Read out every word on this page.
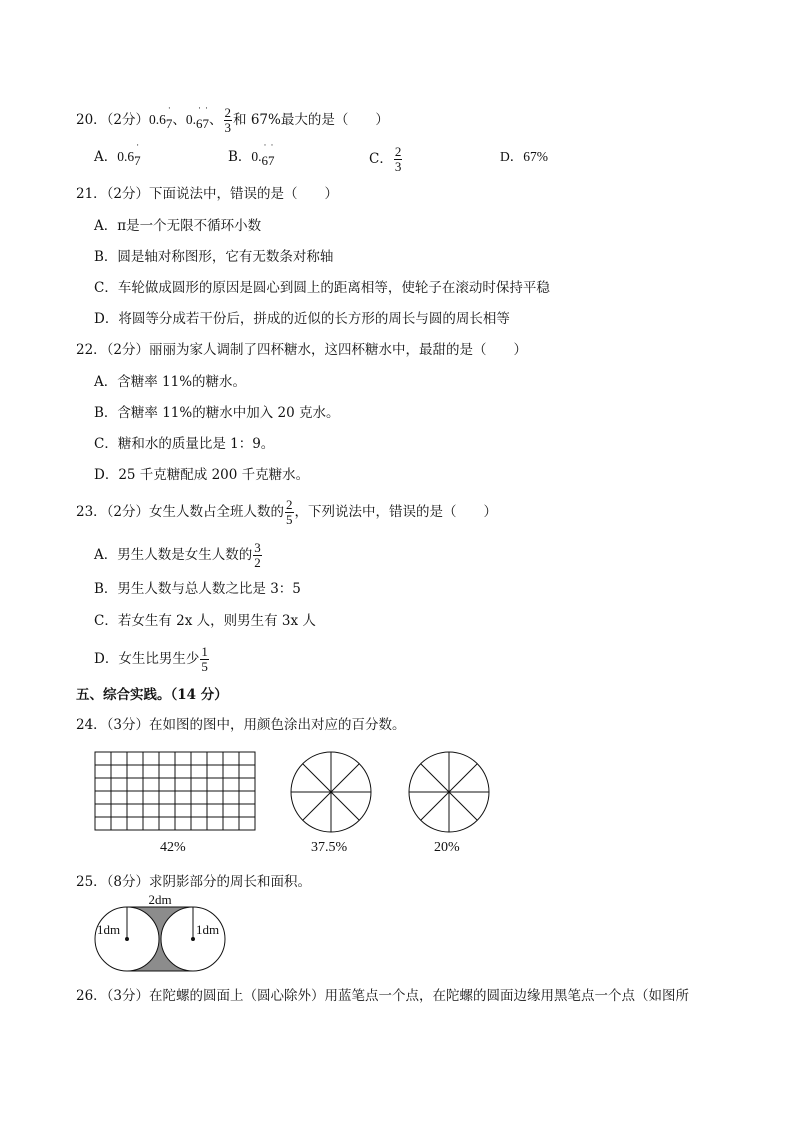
20．（2分）0.6
·
7、0.
··
67、 $\frac{2}{3}$ 和 67%最大的是（　　）
A．0.6
·
7	B．0.
··
67	C． $\frac{2}{3}$	D．67%
21．（2分）下面说法中，错误的是（　　）
A．π是一个无限不循环小数
B．圆是轴对称图形，它有无数条对称轴
C．车轮做成圆形的原因是圆心到圆上的距离相等，使轮子在滚动时保持平稳
D．将圆等分成若干份后，拼成的近似的长方形的周长与圆的周长相等
22．（2分）丽丽为家人调制了四杯糖水，这四杯糖水中，最甜的是（　　）
A．含糖率 11%的糖水。
B．含糖率 11%的糖水中加入 20 克水。
C．糖和水的质量比是 1：9。
D．25 千克糖配成 200 千克糖水。
23．（2分）女生人数占全班人数的 $\frac{2}{5}$ ，下列说法中，错误的是（　　）
A．男生人数是女生人数的 $\frac{3}{2}$
B．男生人数与总人数之比是 3：5
C．若女生有 2x 人，则男生有 3x 人
D．女生比男生少 $\frac{1}{5}$
五、综合实践。（14 分）
24．（3分）在如图的图中，用颜色涂出对应的百分数。
42%	37.5%	20%
25．（8分）求阴影部分的周长和面积。
2dm
1dm	1dm
26．（3分）在陀螺的圆面上（圆心除外）用蓝笔点一个点，在陀螺的圆面边缘用黑笔点一个点（如图所
